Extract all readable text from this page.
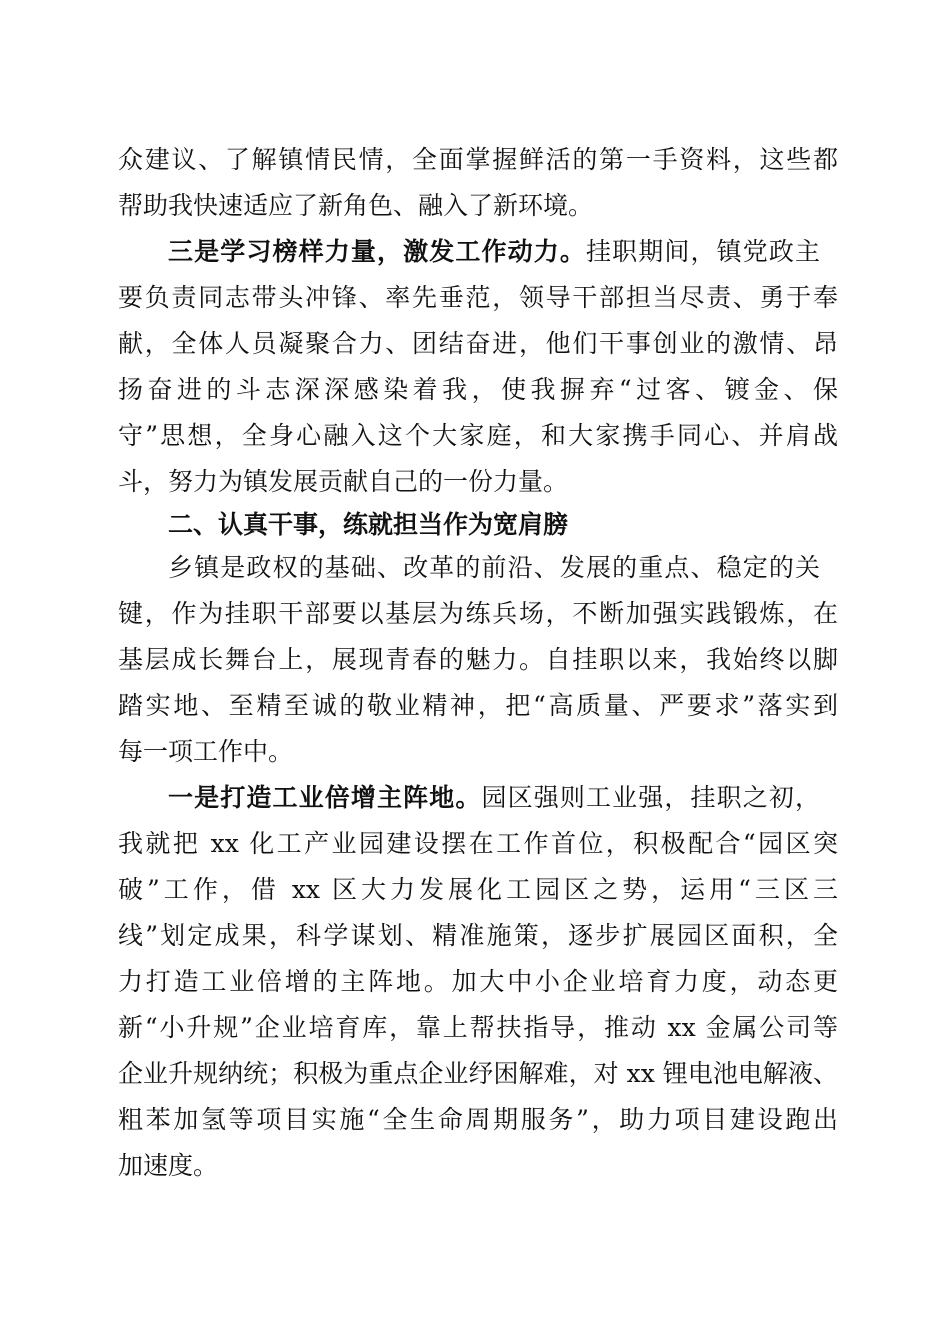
众建议、了解镇情民情，全面掌握鲜活的第一手资料，这些都
帮助我快速适应了新角色、融入了新环境。
三是学习榜样力量，激发工作动力。挂职期间，镇党政主
要负责同志带头冲锋、率先垂范，领导干部担当尽责、勇于奉
献，全体人员凝聚合力、团结奋进，他们干事创业的激情、昂
扬奋进的斗志深深感染着我，使我摒弃“过客、镀金、保
守”思想，全身心融入这个大家庭，和大家携手同心、并肩战
斗，努力为镇发展贡献自己的一份力量。
二、认真干事，练就担当作为宽肩膀
乡镇是政权的基础、改革的前沿、发展的重点、稳定的关
键，作为挂职干部要以基层为练兵场，不断加强实践锻炼，在
基层成长舞台上，展现青春的魅力。自挂职以来，我始终以脚
踏实地、至精至诚的敬业精神，把“高质量、严要求”落实到
每一项工作中。
一是打造工业倍增主阵地。园区强则工业强，挂职之初，
我就把 xx 化工产业园建设摆在工作首位，积极配合“园区突
破”工作，借 xx 区大力发展化工园区之势，运用“三区三
线”划定成果，科学谋划、精准施策，逐步扩展园区面积，全
力打造工业倍增的主阵地。加大中小企业培育力度，动态更
新“小升规”企业培育库，靠上帮扶指导，推动 xx 金属公司等
企业升规纳统；积极为重点企业纾困解难，对 xx 锂电池电解液、
粗苯加氢等项目实施“全生命周期服务”，助力项目建设跑出
加速度。
